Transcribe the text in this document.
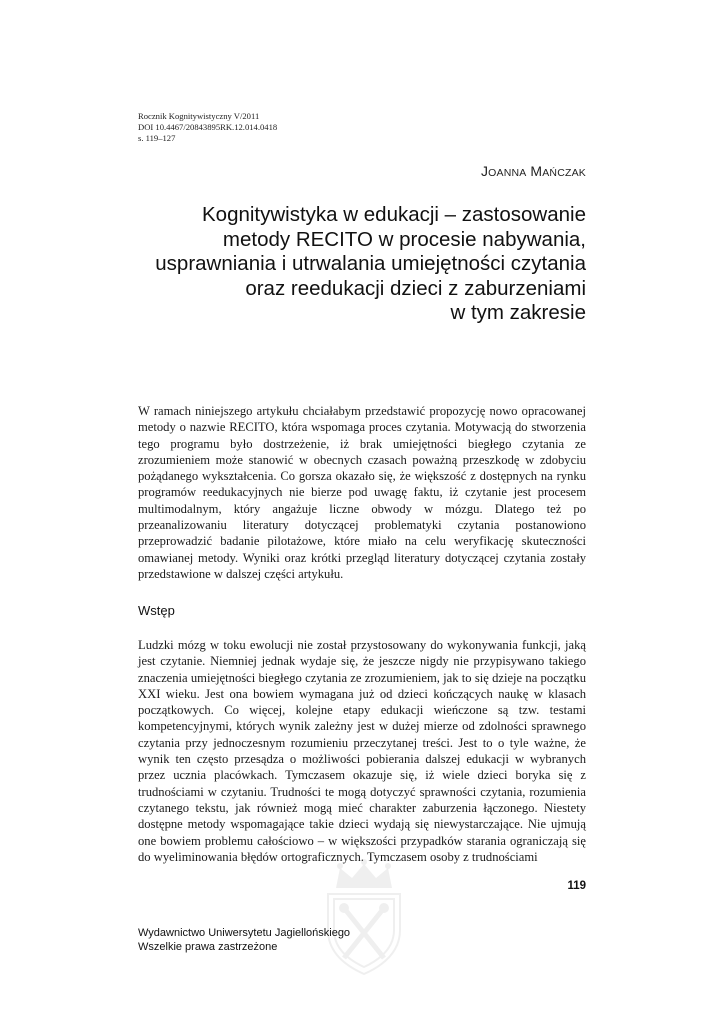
Rocznik Kognitywistyczny V/2011
DOI 10.4467/20843895RK.12.014.0418
s. 119–127
JOANNA MAŃCZAK
Kognitywistyka w edukacji – zastosowanie
metody RECITO w procesie nabywania,
usprawniania i utrwalania umiejętności czytania
oraz reedukacji dzieci z zaburzeniami
w tym zakresie

W ramach niniejszego artykułu chciałabym przedstawić propozycję nowo opracowanej metody o nazwie RECITO, która wspomaga proces czytania. Motywacją do stworzenia tego programu było dostrzeżenie, iż brak umiejętności biegłego czytania ze zrozumieniem może stanowić w obecnych czasach poważną przeszkodę w zdobyciu pożądanego wykształcenia. Co gorsza okazało się, że większość z dostępnych na rynku programów reedukacyjnych nie bierze pod uwagę faktu, iż czytanie jest procesem multimodalnym, który angażuje liczne obwody w mózgu. Dlatego też po przeanalizowaniu literatury dotyczącej problematyki czytania postanowiono przeprowadzić badanie pilotażowe, które miało na celu weryfikację skuteczności omawianej metody. Wyniki oraz krótki przegląd literatury dotyczącej czytania zostały przedstawione w dalszej części artykułu.

Wstęp

Ludzki mózg w toku ewolucji nie został przystosowany do wykonywania funkcji, jaką jest czytanie. Niemniej jednak wydaje się, że jeszcze nigdy nie przypisywano takiego znaczenia umiejętności biegłego czytania ze zrozumieniem, jak to się dzieje na początku XXI wieku. Jest ona bowiem wymagana już od dzieci kończących naukę w klasach początkowych. Co więcej, kolejne etapy edukacji wieńczone są tzw. testami kompetencyjnymi, których wynik zależny jest w dużej mierze od zdolności sprawnego czytania przy jednoczesnym rozumieniu przeczytanej treści. Jest to o tyle ważne, że wynik ten często przesądza o możliwości pobierania dalszej edukacji w wybranych przez ucznia placówkach. Tymczasem okazuje się, iż wiele dzieci boryka się z trudnościami w czytaniu. Trudności te mogą dotyczyć sprawności czytania, rozumienia czytanego tekstu, jak również mogą mieć charakter zaburzenia łączonego. Niestety dostępne metody wspomagające takie dzieci wydają się niewystarczające. Nie ujmują one bowiem problemu całościowo – w większości przypadków starania ograniczają się do wyeliminowania błędów ortograficznych. Tymczasem osoby z trudnościami

119
Wydawnictwo Uniwersytetu Jagiellońskiego
Wszelkie prawa zastrzeżone
